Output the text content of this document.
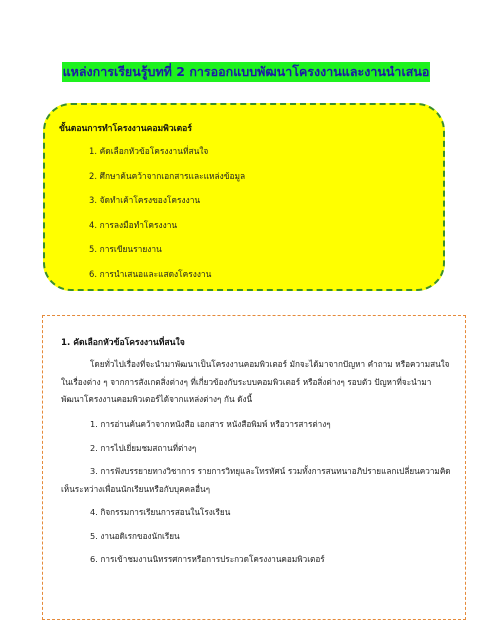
แหล่งการเรียนรู้บทที่ 2 การออกแบบพัฒนาโครงงานและงานนำเสนอ
ขั้นตอนการทำโครงงานคอมพิวเตอร์
1. คัดเลือกหัวข้อโครงงานที่สนใจ
2. ศึกษาค้นคว้าจากเอกสารและแหล่งข้อมูล
3. จัดทำเค้าโครงของโครงงาน
4. การลงมือทำโครงงาน
5. การเขียนรายงาน
6. การนำเสนอและแสดงโครงงาน
1. คัดเลือกหัวข้อโครงงานที่สนใจ

โดยทั่วไปเรื่องที่จะนำมาพัฒนาเป็นโครงงานคอมพิวเตอร์ มักจะได้มาจากปัญหา คำถาม หรือความสนใจในเรื่องต่าง ๆ จากการสังเกตสิ่งต่างๆ ที่เกี่ยวข้องกับระบบคอมพิวเตอร์ หรือสิ่งต่างๆ รอบตัว ปัญหาที่จะนำมาพัฒนาโครงงานคอมพิวเตอร์ได้จากแหล่งต่างๆ กัน ดังนี้

1. การอ่านค้นคว้าจากหนังสือ เอกสาร หนังสือพิมพ์ หรือวารสารต่างๆ
2. การไปเยี่ยมชมสถานที่ต่างๆ
3. การฟังบรรยายทางวิชาการ รายการวิทยุและโทรทัศน์ รวมทั้งการสนทนาอภิปรายแลกเปลี่ยนความคิดเห็นระหว่างเพื่อนนักเรียนหรือกับบุคคลอื่นๆ
4. กิจกรรมการเรียนการสอนในโรงเรียน
5. งานอดิเรกของนักเรียน
6. การเข้าชมงานนิทรรศการหรือการประกวดโครงงานคอมพิวเตอร์
